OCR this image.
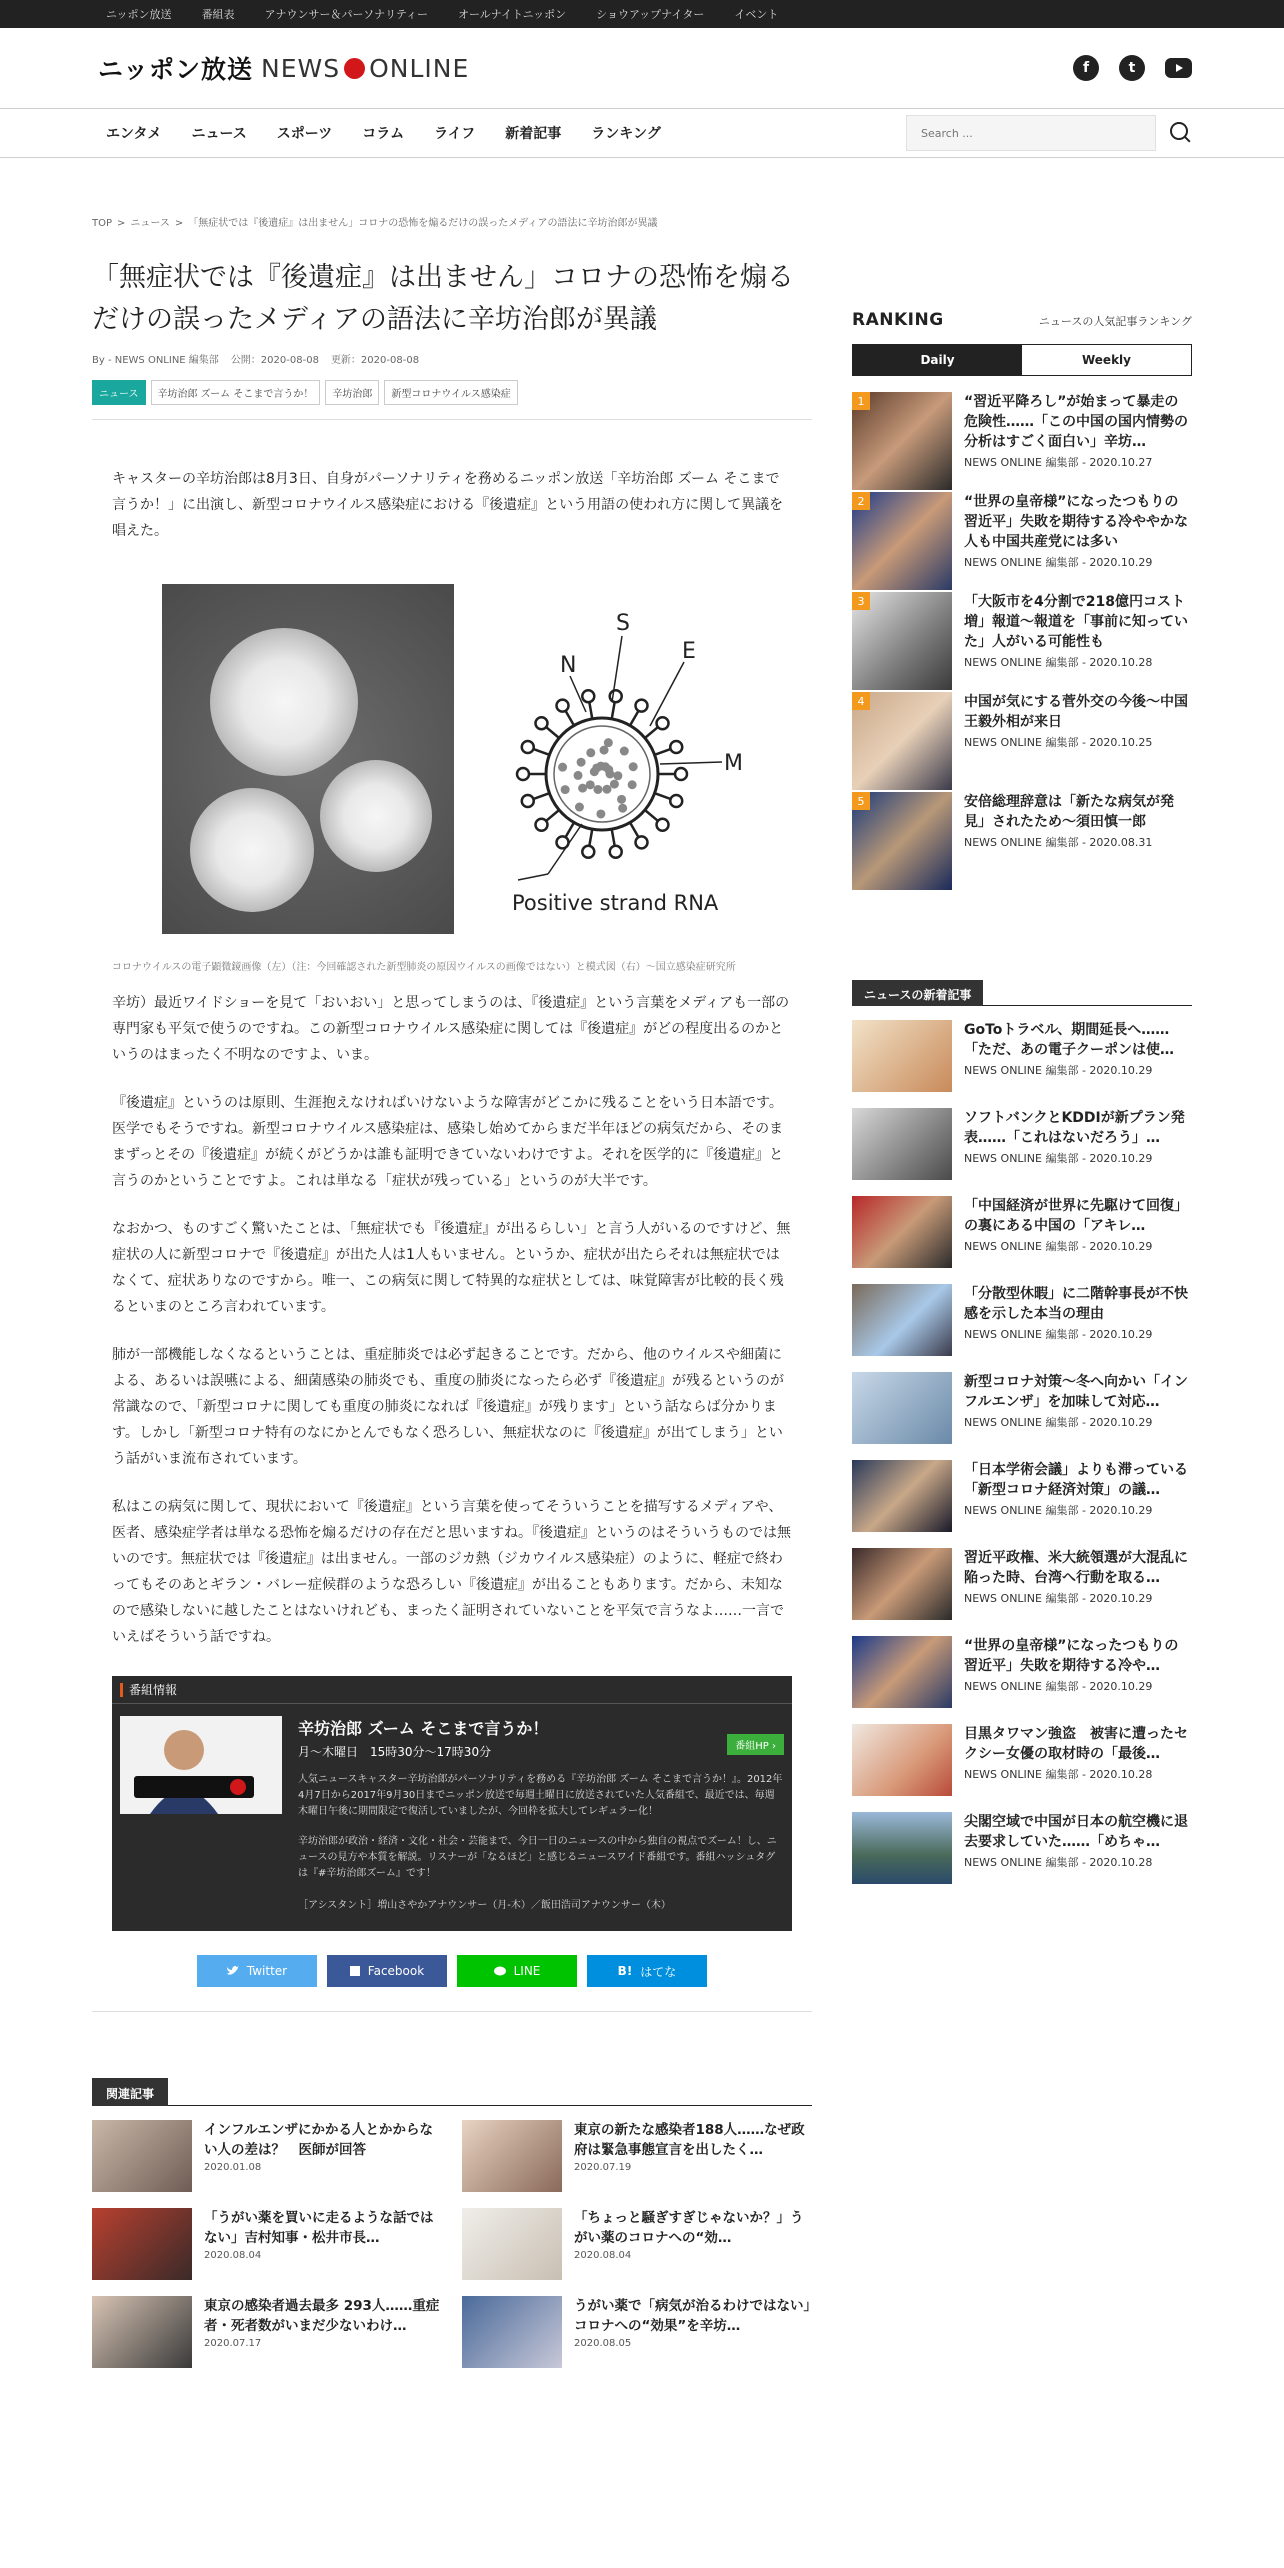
ニッポン放送	番組表	アナウンサー＆パーソナリティー	オールナイトニッポン	ショウアップナイター	イベント
ニッポン放送 NEWS ONLINE	f	t
エンタメ ニュース スポーツ コラム ライフ 新着記事 ランキング
Search ...
TOP > ニュース > 「無症状では『後遺症』は出ません」コロナの恐怖を煽るだけの誤ったメディアの語法に辛坊治郎が異議
「無症状では『後遺症』は出ません」コロナの恐怖を煽るだけの誤ったメディアの語法に辛坊治郎が異議
By - NEWS ONLINE 編集部 公開：2020-08-08 更新：2020-08-08
ニュース	辛坊治郎 ズーム そこまで言うか！	辛坊治郎	新型コロナウイルス感染症

キャスターの辛坊治郎は8月3日、自身がパーソナリティを務めるニッポン放送「辛坊治郎 ズーム そこまで言うか！」に出演し、新型コロナウイルス感染症における『後遺症』という用語の使われ方に関して異議を唱えた。

N
S
E
M
Positive strand RNA

コロナウイルスの電子顕微鏡画像（左）（注：今回確認された新型肺炎の原因ウイルスの画像ではない）と模式図（右）～国立感染症研究所

辛坊）最近ワイドショーを見て「おいおい」と思ってしまうのは、『後遺症』という言葉をメディアも一部の専門家も平気で使うのですね。この新型コロナウイルス感染症に関しては『後遺症』がどの程度出るのかというのはまったく不明なのですよ、いま。

『後遺症』というのは原則、生涯抱えなければいけないような障害がどこかに残ることをいう日本語です。医学でもそうですね。新型コロナウイルス感染症は、感染し始めてからまだ半年ほどの病気だから、そのままずっとその『後遺症』が続くがどうかは誰も証明できていないわけですよ。それを医学的に『後遺症』と言うのかということですよ。これは単なる「症状が残っている」というのが大半です。

なおかつ、ものすごく驚いたことは、「無症状でも『後遺症』が出るらしい」と言う人がいるのですけど、無症状の人に新型コロナで『後遺症』が出た人は1人もいません。というか、症状が出たらそれは無症状ではなくて、症状ありなのですから。唯一、この病気に関して特異的な症状としては、味覚障害が比較的長く残るといまのところ言われています。

肺が一部機能しなくなるということは、重症肺炎では必ず起きることです。だから、他のウイルスや細菌による、あるいは誤嚥による、細菌感染の肺炎でも、重度の肺炎になったら必ず『後遺症』が残るというのが常識なので、「新型コロナに関しても重度の肺炎になれば『後遺症』が残ります」という話ならば分かります。しかし「新型コロナ特有のなにかとんでもなく恐ろしい、無症状なのに『後遺症』が出てしまう」という話がいま流布されています。

私はこの病気に関して、現状において『後遺症』という言葉を使ってそういうことを描写するメディアや、医者、感染症学者は単なる恐怖を煽るだけの存在だと思いますね。『後遺症』というのはそういうものでは無いのです。無症状では『後遺症』は出ません。一部のジカ熱（ジカウイルス感染症）のように、軽症で終わってもそのあとギラン・バレー症候群のような恐ろしい『後遺症』が出ることもあります。だから、未知なので感染しないに越したことはないけれども、まったく証明されていないことを平気で言うなよ……一言でいえばそういう話ですね。

番組情報
辛坊治郎 ズーム そこまで言うか！
月～木曜日　15時30分～17時30分	番組HP ›
人気ニュースキャスター辛坊治郎がパーソナリティを務める『辛坊治郎 ズーム そこまで言うか！』。2012年4月7日から2017年9月30日までニッポン放送で毎週土曜日に放送されていた人気番組で、最近では、毎週木曜日午後に期間限定で復活していましたが、今回枠を拡大してレギュラー化！
辛坊治郎が政治・経済・文化・社会・芸能まで、今日一日のニュースの中から独自の視点でズーム！し、ニュースの見方や本質を解説。リスナーが「なるほど」と感じるニュースワイド番組です。番組ハッシュタグは『#辛坊治郎ズーム』です！
［アシスタント］増山さやかアナウンサー（月-木）／飯田浩司アナウンサー（木）
Twitter	Facebook	LINE	B! はてな
関連記事
インフルエンザにかかる人とかからない人の差は？　医師が回答
2020.01.08
東京の新たな感染者188人……なぜ政府は緊急事態宣言を出したく…
2020.07.19
「うがい薬を買いに走るような話ではない」吉村知事・松井市長…
2020.08.04
「ちょっと騒ぎすぎじゃないか？」うがい薬のコロナへの“効…
2020.08.04
東京の感染者過去最多 293人……重症者・死者数がいまだ少ないわけ…
2020.07.17
うがい薬で「病気が治るわけではない」コロナへの“効果”を辛坊…
2020.08.05
RANKING	ニュースの人気記事ランキング
Daily	Weekly
1	“習近平降ろし”が始まって暴走の危険性……「この中国の国内情勢の分析はすごく面白い」辛坊…
NEWS ONLINE 編集部 - 2020.10.27
2	“世界の皇帝様”になったつもりの習近平」失敗を期待する冷ややかな人も中国共産党には多い
NEWS ONLINE 編集部 - 2020.10.29
3	「大阪市を4分割で218億円コスト増」報道～報道を「事前に知っていた」人がいる可能性も
NEWS ONLINE 編集部 - 2020.10.28
4	中国が気にする菅外交の今後～中国王毅外相が来日
NEWS ONLINE 編集部 - 2020.10.25
5	安倍総理辞意は「新たな病気が発見」されたため～須田慎一郎
NEWS ONLINE 編集部 - 2020.08.31
ニュースの新着記事
GoToトラベル、期間延長へ……「ただ、あの電子クーポンは使…
NEWS ONLINE 編集部 - 2020.10.29
ソフトバンクとKDDIが新プラン発表……「これはないだろう」…
NEWS ONLINE 編集部 - 2020.10.29
「中国経済が世界に先駆けて回復」の裏にある中国の「アキレ…
NEWS ONLINE 編集部 - 2020.10.29
「分散型休暇」に二階幹事長が不快感を示した本当の理由
NEWS ONLINE 編集部 - 2020.10.29
新型コロナ対策～冬へ向かい「インフルエンザ」を加味して対応…
NEWS ONLINE 編集部 - 2020.10.29
「日本学術会議」よりも滞っている「新型コロナ経済対策」の議…
NEWS ONLINE 編集部 - 2020.10.29
習近平政権、米大統領選が大混乱に陥った時、台湾へ行動を取る…
NEWS ONLINE 編集部 - 2020.10.29
“世界の皇帝様”になったつもりの習近平」失敗を期待する冷や…
NEWS ONLINE 編集部 - 2020.10.29
目黒タワマン強盗　被害に遭ったセクシー女優の取材時の「最後…
NEWS ONLINE 編集部 - 2020.10.28
尖閣空域で中国が日本の航空機に退去要求していた……「めちゃ…
NEWS ONLINE 編集部 - 2020.10.28
